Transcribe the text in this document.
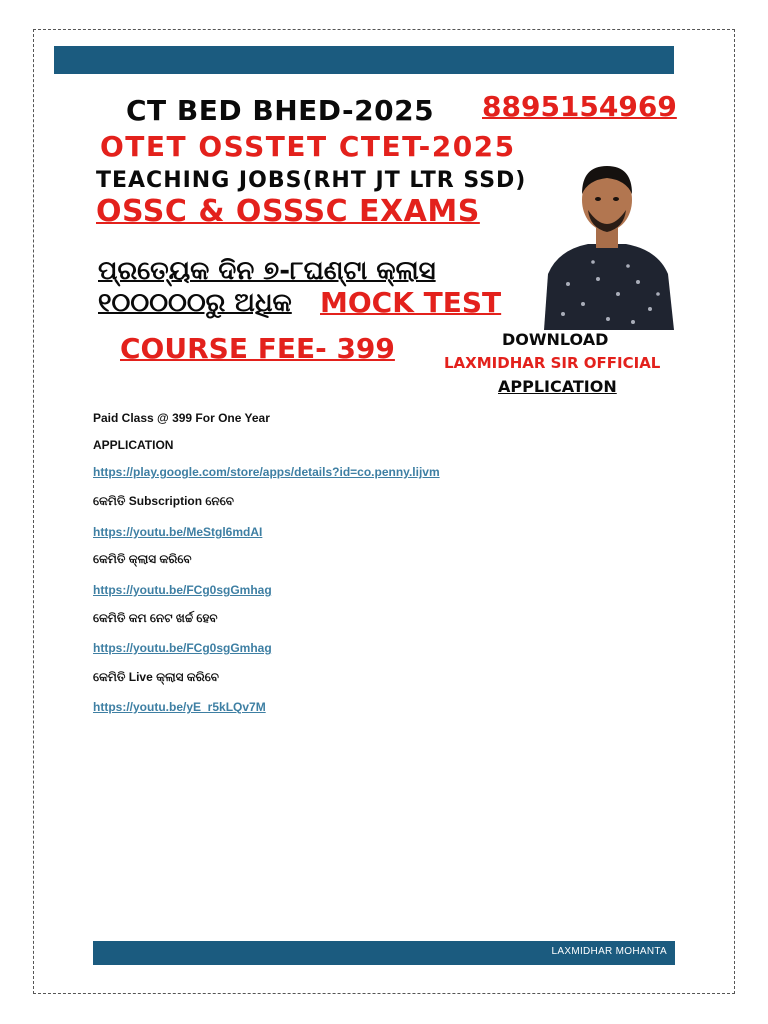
CT BED BHED-2025 8895154969
OTET OSSTET CTET-2025
TEACHING JOBS(RHT JT LTR SSD)
OSSC & OSSSC EXAMS
ପ୍ରତ୍ୟେକ ଦିନ ୭-୮ଘଣ୍ଟା କ୍ଲାସ
୧୦୦୦୦୦ରୁ ଅଧିକ MOCK TEST
COURSE FEE- 399	DOWNLOAD
LAXMIDHAR SIR OFFICIAL
APPLICATION
Paid Class @ 399 For One Year
APPLICATION
https://play.google.com/store/apps/details?id=co.penny.lijvm
କେମିତି Subscription ନେବେ
https://youtu.be/MeStgl6mdAI
କେମିତି କ୍ଲାସ କରିବେ
https://youtu.be/FCg0sgGmhag
କେମିତି କମ ନେଟ ଖର୍ଚ୍ଚ ହେବ
https://youtu.be/FCg0sgGmhag
କେମିତି Live କ୍ଲାସ କରିବେ
https://youtu.be/yE_r5kLQv7M
LAXMIDHAR MOHANTA
